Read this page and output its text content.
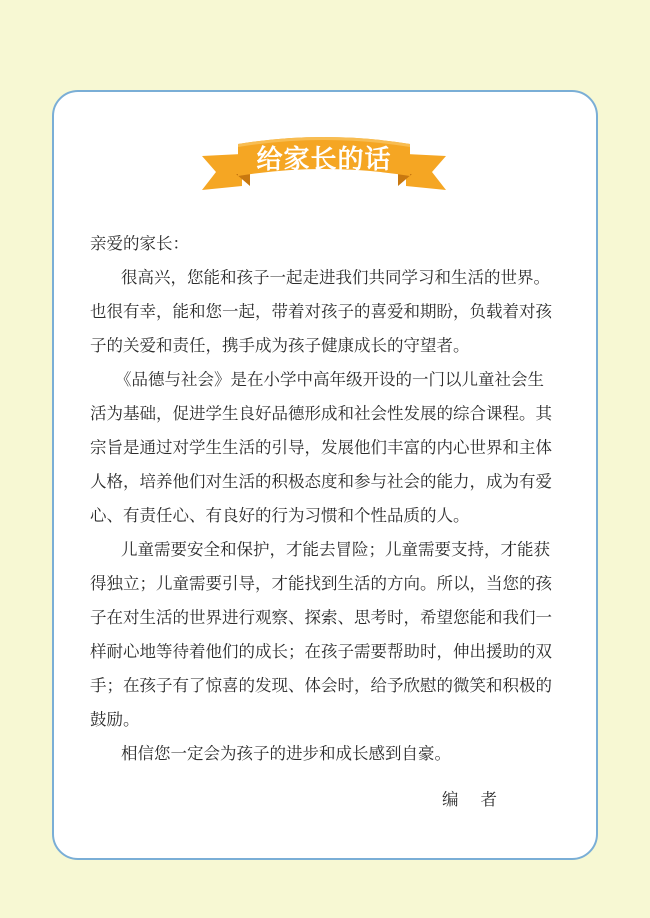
给家长的话
亲爱的家长：
很高兴，您能和孩子一起走进我们共同学习和生活的世界。
也很有幸，能和您一起，带着对孩子的喜爱和期盼，负载着对孩
子的关爱和责任，携手成为孩子健康成长的守望者。
《品德与社会》是在小学中高年级开设的一门以儿童社会生
活为基础，促进学生良好品德形成和社会性发展的综合课程。其
宗旨是通过对学生生活的引导，发展他们丰富的内心世界和主体
人格，培养他们对生活的积极态度和参与社会的能力，成为有爱
心、有责任心、有良好的行为习惯和个性品质的人。
儿童需要安全和保护，才能去冒险；儿童需要支持，才能获
得独立；儿童需要引导，才能找到生活的方向。所以，当您的孩
子在对生活的世界进行观察、探索、思考时，希望您能和我们一
样耐心地等待着他们的成长；在孩子需要帮助时，伸出援助的双
手；在孩子有了惊喜的发现、体会时，给予欣慰的微笑和积极的
鼓励。
相信您一定会为孩子的进步和成长感到自豪。
编者
